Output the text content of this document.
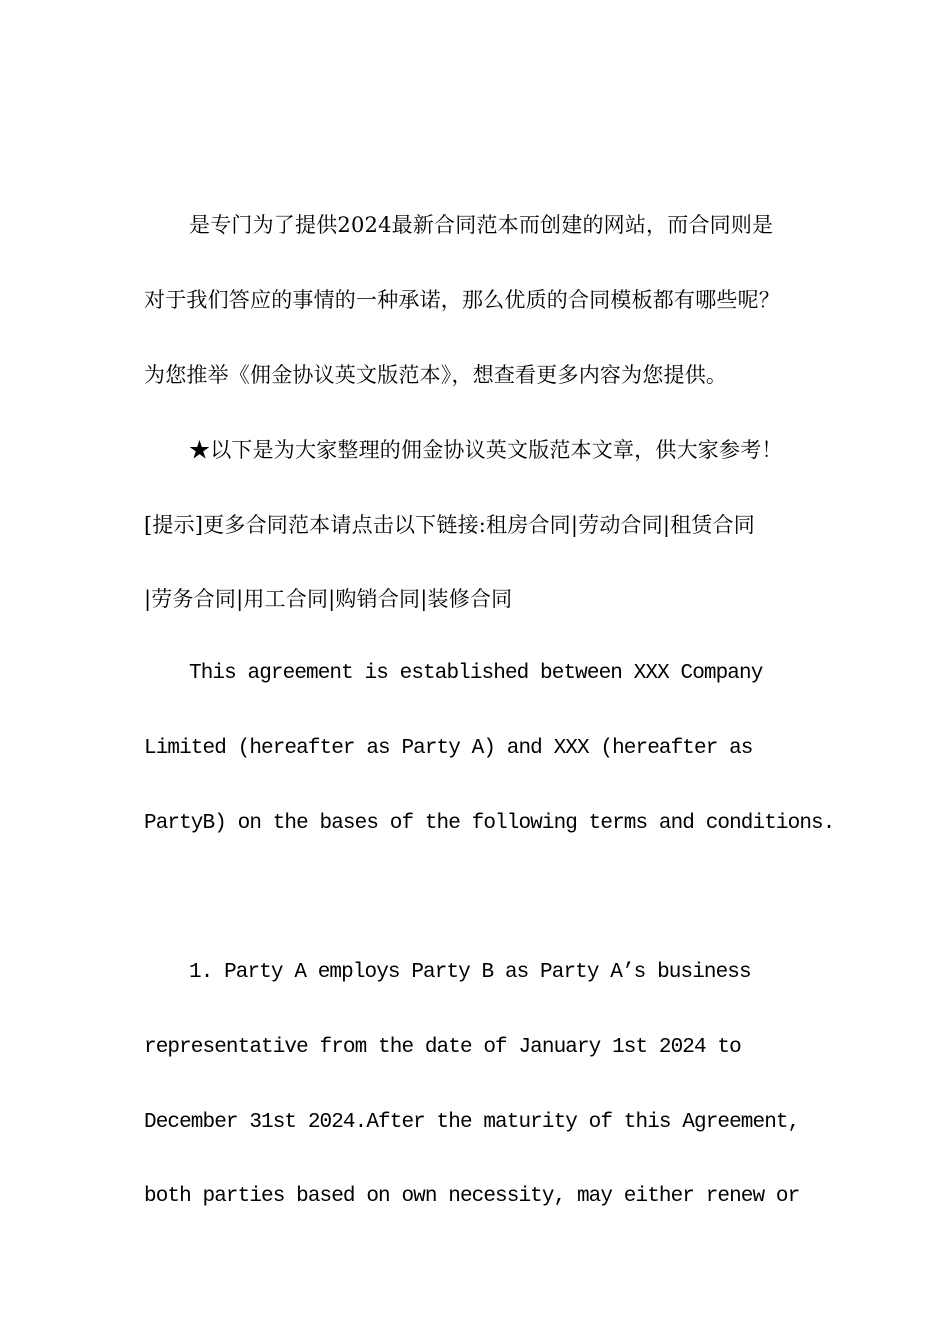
是专门为了提供2024最新合同范本而创建的网站，而合同则是
对于我们答应的事情的一种承诺，那么优质的合同模板都有哪些呢？
为您推举《佣金协议英文版范本》，想查看更多内容为您提供。
★以下是为大家整理的佣金协议英文版范本文章，供大家参考！
[提示]更多合同范本请点击以下链接:租房合同|劳动合同|租赁合同
|劳务合同|用工合同|购销合同|装修合同
This agreement is established between XXX Company
Limited (hereafter as Party A) and XXX (hereafter as
PartyB) on the bases of the following terms and conditions.
1. Party A employs Party B as Party A’s business
representative from the date of January 1st 2024 to
December 31st 2024.After the maturity of this Agreement,
both parties based on own necessity, may either renew or
